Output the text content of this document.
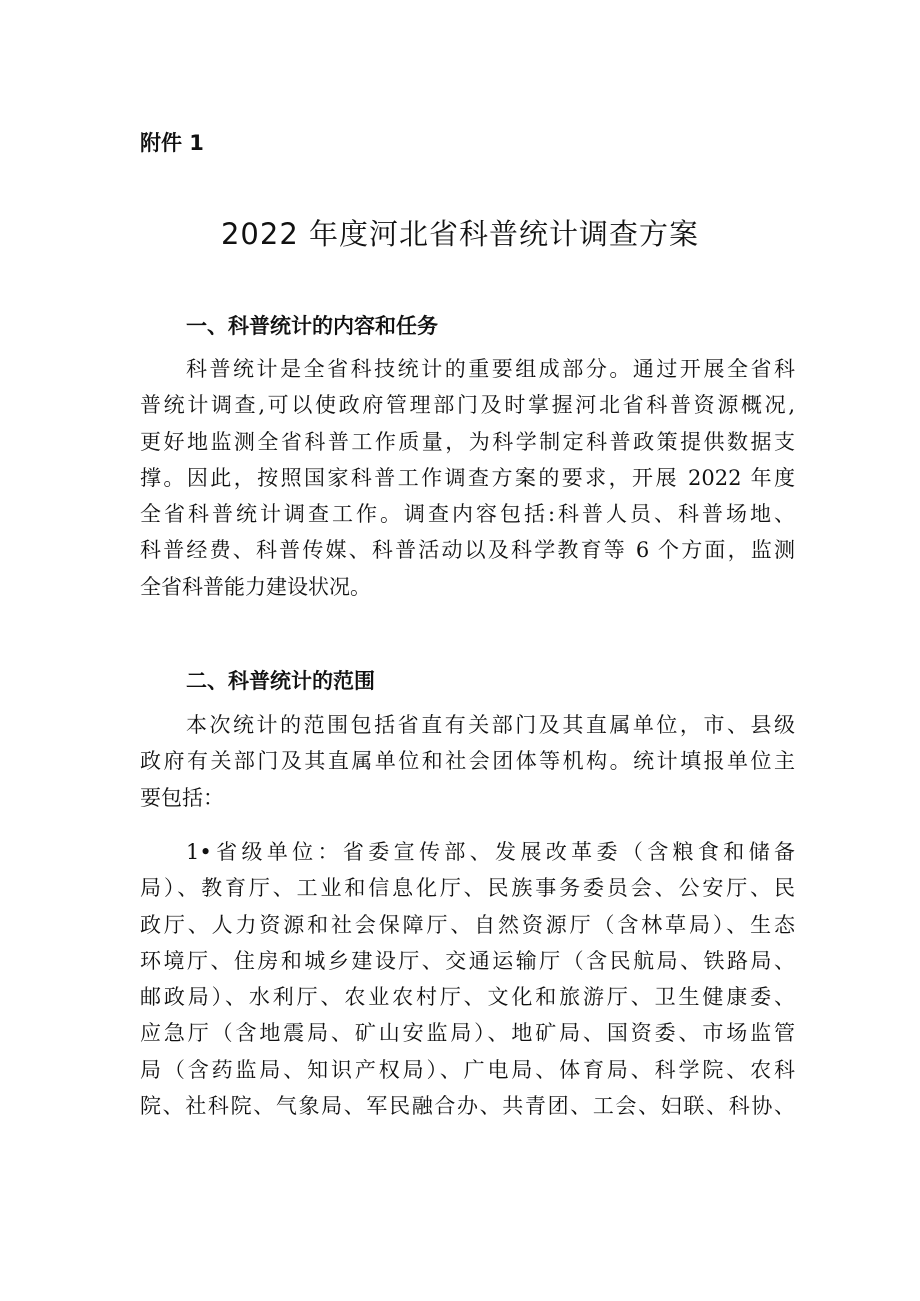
附件 1

2022 年度河北省科普统计调查方案
一、科普统计的内容和任务
科普统计是全省科技统计的重要组成部分。通过开展全省科
普统计调查,可以使政府管理部门及时掌握河北省科普资源概况,
更好地监测全省科普工作质量，为科学制定科普政策提供数据支
撑。因此，按照国家科普工作调查方案的要求，开展 2022 年度
全省科普统计调查工作。调查内容包括:科普人员、科普场地、
科普经费、科普传媒、科普活动以及科学教育等 6 个方面，监测
全省科普能力建设状况。
二、科普统计的范围
本次统计的范围包括省直有关部门及其直属单位，市、县级
政府有关部门及其直属单位和社会团体等机构。统计填报单位主
要包括：
1•省级单位：省委宣传部、发展改革委（含粮食和储备
局）、教育厅、工业和信息化厅、民族事务委员会、公安厅、民
政厅、人力资源和社会保障厅、自然资源厅（含林草局）、生态
环境厅、住房和城乡建设厅、交通运输厅（含民航局、铁路局、
邮政局）、水利厅、农业农村厅、文化和旅游厅、卫生健康委、
应急厅（含地震局、矿山安监局）、地矿局、国资委、市场监管
局（含药监局、知识产权局）、广电局、体育局、科学院、农科
院、社科院、气象局、军民融合办、共青团、工会、妇联、科协、
